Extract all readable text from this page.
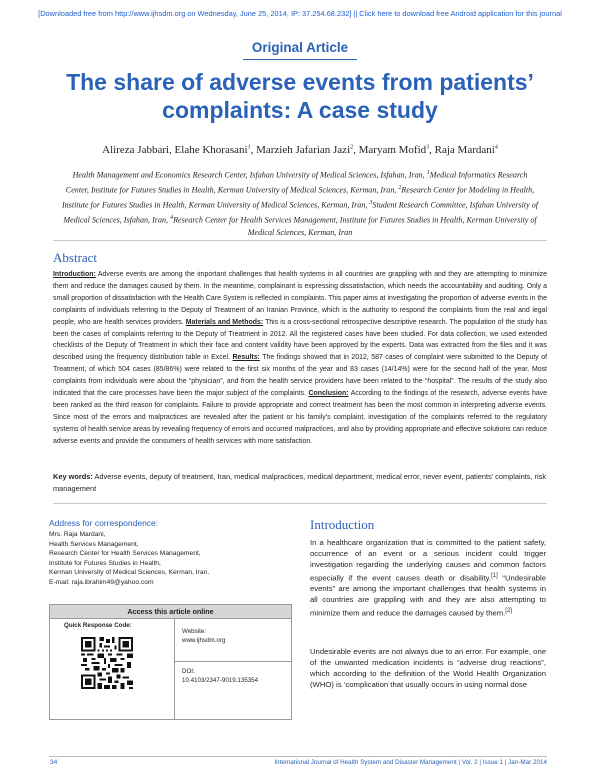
[Downloaded free from http://www.ijhsdm.org on Wednesday, June 25, 2014, IP: 37.254.68.232] || Click here to download free Android application for this journal
Original Article
The share of adverse events from patients’ complaints: A case study
Alireza Jabbari, Elahe Khorasani$^1$, Marzieh Jafarian Jazi$^2$, Maryam Mofid$^3$, Raja Mardani$^4$
Health Management and Economics Research Center, Isfahan University of Medical Sciences, Isfahan, Iran, $^1$Medical Informatics Research Center, Institute for Futures Studies in Health, Kerman University of Medical Sciences, Kerman, Iran, $^2$Research Center for Modeling in Health, Institute for Futures Studies in Health, Kerman University of Medical Sciences, Kerman, Iran, $^3$Student Research Committee, Isfahan University of Medical Sciences, Isfahan, Iran, $^4$Research Center for Health Services Management, Institute for Futures Studies in Health, Kerman University of Medical Sciences, Kerman, Iran
Abstract
Introduction: Adverse events are among the important challenges that health systems in all countries are grappling with and they are attempting to minimize them and reduce the damages caused by them. In the meantime, complainant is expressing dissatisfaction, which needs the accountability and auditing. Only a small proportion of dissatisfaction with the Health Care System is reflected in complaints. This paper aims at investigating the proportion of adverse events in the complaints of individuals referring to the Deputy of Treatment of an Iranian Province, which is the authority to respond the complaints from the real and legal people, who are health services providers. Materials and Methods: This is a cross-sectional retrospective descriptive research. The population of the study has been the cases of complaints referring to the Deputy of Treatment in 2012. All the registered cases have been studied. For data collection, we used extended checklists of the Deputy of Treatment in which their face and content validity have been approved by the experts. Data was extracted from the files and it was described using the frequency distribution table in Excel. Results: The findings showed that in 2012, 587 cases of complaint were submitted to the Deputy of Treatment, of which 504 cases (85/86%) were related to the first six months of the year and 83 cases (14/14%) were for the second half of the year. Most complaints from individuals were about the “physician”, and from the health service providers have been related to the “hospital”. The results of the study also indicated that the care processes have been the major subject of the complaints. Conclusion: According to the findings of the research, adverse events have been ranked as the third reason for complaints. Failure to provide appropriate and correct treatment has been the most common in interpreting adverse events. Since most of the errors and malpractices are revealed after the patient or his family’s complaint, investigation of the complaints referred to the regulatory systems of health service areas by revealing frequency of errors and occurred malpractices, and also by providing appropriate and effective solutions can reduce adverse events and provide the consumers of health services with more satisfaction.
Key words: Adverse events, deputy of treatment, Iran, medical malpractices, medical department, medical error, never event, patients’ complaints, risk management
Address for correspondence:
Mrs. Raja Mardani,
Health Services Management,
Research Center for Health Services Management,
Institute for Futures Studies in Health,
Kerman University of Medical Sciences, Kerman, Iran.
E-mail: raja.ibrahim49@yahoo.com
Access this article online
Quick Response Code:
Website:
www.ijhsdm.org
DOI:
10.4103/2347-9019.135354
Introduction
In a healthcare organization that is committed to the patient safety, occurrence of an event or a serious incident could trigger investigation regarding the underlying causes and common factors especially if the event causes death or disability.[1] “Undesirable events” are among the important challenges that health systems in all countries are grappling with and they are also attempting to minimize them and reduce the damages caused by them.[2]
Undesirable events are not always due to an error. For example, one of the unwanted medication incidents is “adverse drug reactions”, which according to the definition of the World Health Organization (WHO) is ‘complication that usually occurs in using normal dose
34	International Journal of Health System and Disaster Management | Vol. 2 | Issue 1 | Jan-Mar 2014
